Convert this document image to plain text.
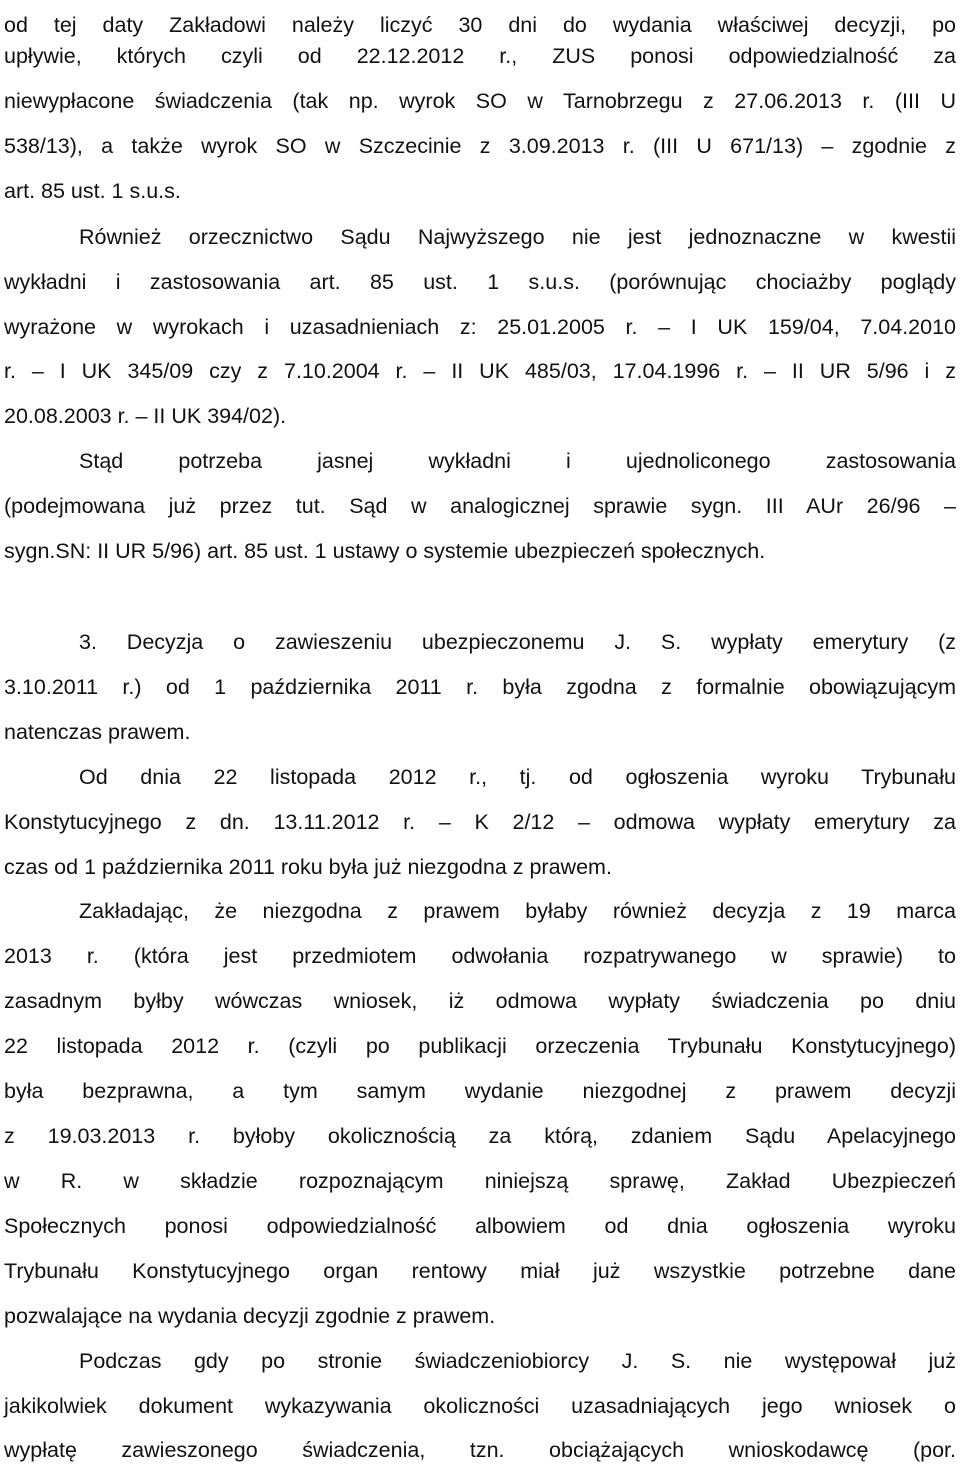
od tej daty Zakładowi należy liczyć 30 dni do wydania właściwej decyzji, po
upływie, których czyli od 22.12.2012 r., ZUS ponosi odpowiedzialność za
niewypłacone świadczenia (tak np. wyrok SO w Tarnobrzegu z 27.06.2013 r. (III U
538/13), a także wyrok SO w Szczecinie z 3.09.2013 r. (III U 671/13) – zgodnie z
art. 85 ust. 1 s.u.s.
Również orzecznictwo Sądu Najwyższego nie jest jednoznaczne w kwestii
wykładni i zastosowania art. 85 ust. 1 s.u.s. (porównując chociażby poglądy
wyrażone w wyrokach i uzasadnieniach z: 25.01.2005 r. – I UK 159/04, 7.04.2010
r. – I UK 345/09 czy z 7.10.2004 r. – II UK 485/03, 17.04.1996 r. – II UR 5/96 i z
20.08.2003 r. – II UK 394/02).
Stąd potrzeba jasnej wykładni i ujednoliconego zastosowania
(podejmowana już przez tut. Sąd w analogicznej sprawie sygn. III AUr 26/96 –
sygn.SN: II UR 5/96) art. 85 ust. 1 ustawy o systemie ubezpieczeń społecznych.
3. Decyzja o zawieszeniu ubezpieczonemu J. S. wypłaty emerytury (z
3.10.2011 r.) od 1 października 2011 r. była zgodna z formalnie obowiązującym
natenczas prawem.
Od dnia 22 listopada 2012 r., tj. od ogłoszenia wyroku Trybunału
Konstytucyjnego z dn. 13.11.2012 r. – K 2/12 – odmowa wypłaty emerytury za
czas od 1 października 2011 roku była już niezgodna z prawem.
Zakładając, że niezgodna z prawem byłaby również decyzja z 19 marca
2013 r. (która jest przedmiotem odwołania rozpatrywanego w sprawie) to
zasadnym byłby wówczas wniosek, iż odmowa wypłaty świadczenia po dniu
22 listopada 2012 r. (czyli po publikacji orzeczenia Trybunału Konstytucyjnego)
była bezprawna, a tym samym wydanie niezgodnej z prawem decyzji
z 19.03.2013 r. byłoby okolicznością za którą, zdaniem Sądu Apelacyjnego
w R. w składzie rozpoznającym niniejszą sprawę, Zakład Ubezpieczeń
Społecznych ponosi odpowiedzialność albowiem od dnia ogłoszenia wyroku
Trybunału Konstytucyjnego organ rentowy miał już wszystkie potrzebne dane
pozwalające na wydania decyzji zgodnie z prawem.
Podczas gdy po stronie świadczeniobiorcy J. S. nie występował już
jakikolwiek dokument wykazywania okoliczności uzasadniających jego wniosek o
wypłatę zawieszonego świadczenia, tzn. obciążających wnioskodawcę (por.
